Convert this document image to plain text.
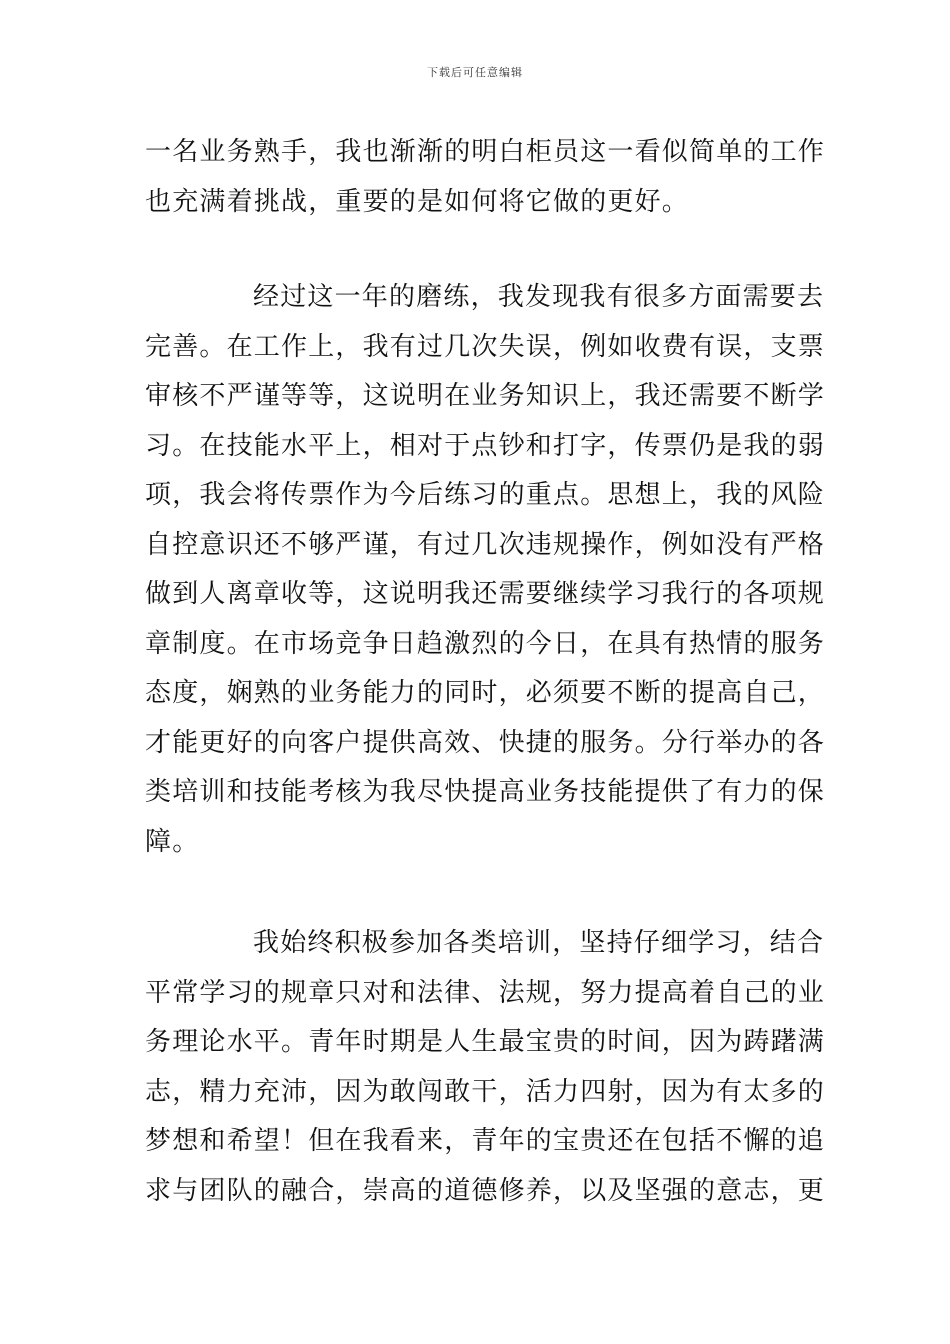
下载后可任意编辑
一名业务熟手，我也渐渐的明白柜员这一看似简单的工作
也充满着挑战，重要的是如何将它做的更好。
经过这一年的磨练，我发现我有很多方面需要去
完善。在工作上，我有过几次失误，例如收费有误，支票
审核不严谨等等，这说明在业务知识上，我还需要不断学
习。在技能水平上，相对于点钞和打字，传票仍是我的弱
项，我会将传票作为今后练习的重点。思想上，我的风险
自控意识还不够严谨，有过几次违规操作，例如没有严格
做到人离章收等，这说明我还需要继续学习我行的各项规
章制度。在市场竞争日趋激烈的今日，在具有热情的服务
态度，娴熟的业务能力的同时，必须要不断的提高自己，
才能更好的向客户提供高效、快捷的服务。分行举办的各
类培训和技能考核为我尽快提高业务技能提供了有力的保
障。
我始终积极参加各类培训，坚持仔细学习，结合
平常学习的规章只对和法律、法规，努力提高着自己的业
务理论水平。青年时期是人生最宝贵的时间，因为踌躇满
志，精力充沛，因为敢闯敢干，活力四射，因为有太多的
梦想和希望！但在我看来，青年的宝贵还在包括不懈的追
求与团队的融合，崇高的道德修养，以及坚强的意志，更
